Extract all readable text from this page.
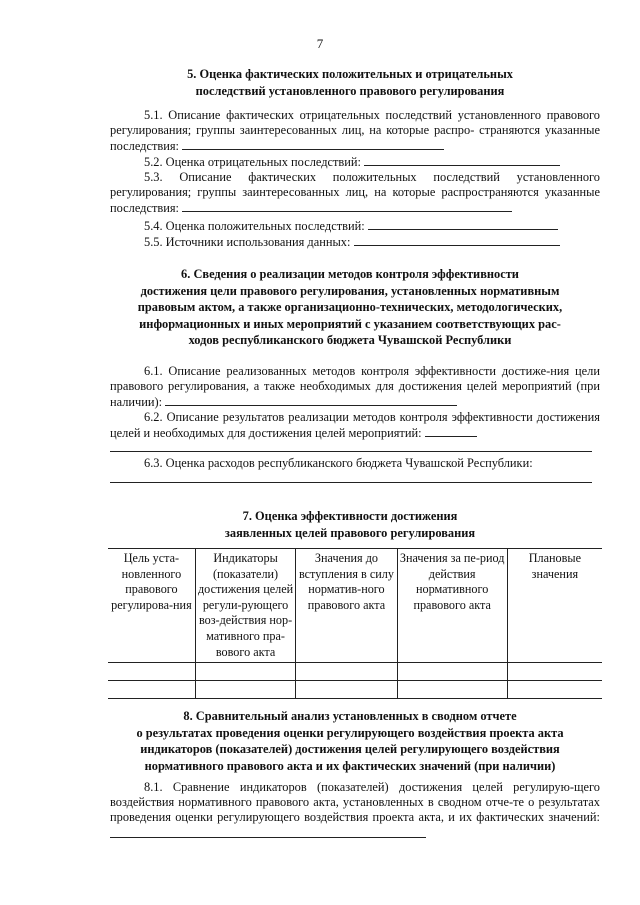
7
5. Оценка фактических положительных и отрицательных
последствий установленного правового регулирования
5.1. Описание фактических отрицательных последствий установленного правового регулирования; группы заинтересованных лиц, на которые распро- страняются указанные последствия:
5.2. Оценка отрицательных последствий:
5.3. Описание фактических положительных последствий установленного регулирования; группы заинтересованных лиц, на которые распространяются указанные последствия:
5.4. Оценка положительных последствий:
5.5. Источники использования данных:
6. Сведения о реализации методов контроля эффективности
достижения цели правового регулирования, установленных нормативным
правовым актом, а также организационно-технических, методологических,
информационных и иных мероприятий с указанием соответствующих рас-
ходов республиканского бюджета Чувашской Республики
6.1. Описание реализованных методов контроля эффективности достиже-ния цели правового регулирования, а также необходимых для достижения целей мероприятий (при наличии):
6.2. Описание результатов реализации методов контроля эффективности достижения целей и необходимых для достижения целей мероприятий:
6.3. Оценка расходов республиканского бюджета Чувашской Республики:
7. Оценка эффективности достижения
заявленных целей правового регулирования
Цель уста-новленного правового регулирова-ния	Индикаторы (показатели) достижения целей регули-рующего воз-действия нор-мативного пра-вового акта	Значения до вступления в силу норматив-ного правового акта	Значения за пе-риод действия нормативного правового акта	Плановые значения

8. Сравнительный анализ установленных в сводном отчете
о результатах проведения оценки регулирующего воздействия проекта акта
индикаторов (показателей) достижения целей регулирующего воздействия
нормативного правового акта и их фактических значений (при наличии)
8.1. Сравнение индикаторов (показателей) достижения целей регулирую-щего воздействия нормативного правового акта, установленных в сводном отче-те о результатах проведения оценки регулирующего воздействия проекта акта, и их фактических значений:
